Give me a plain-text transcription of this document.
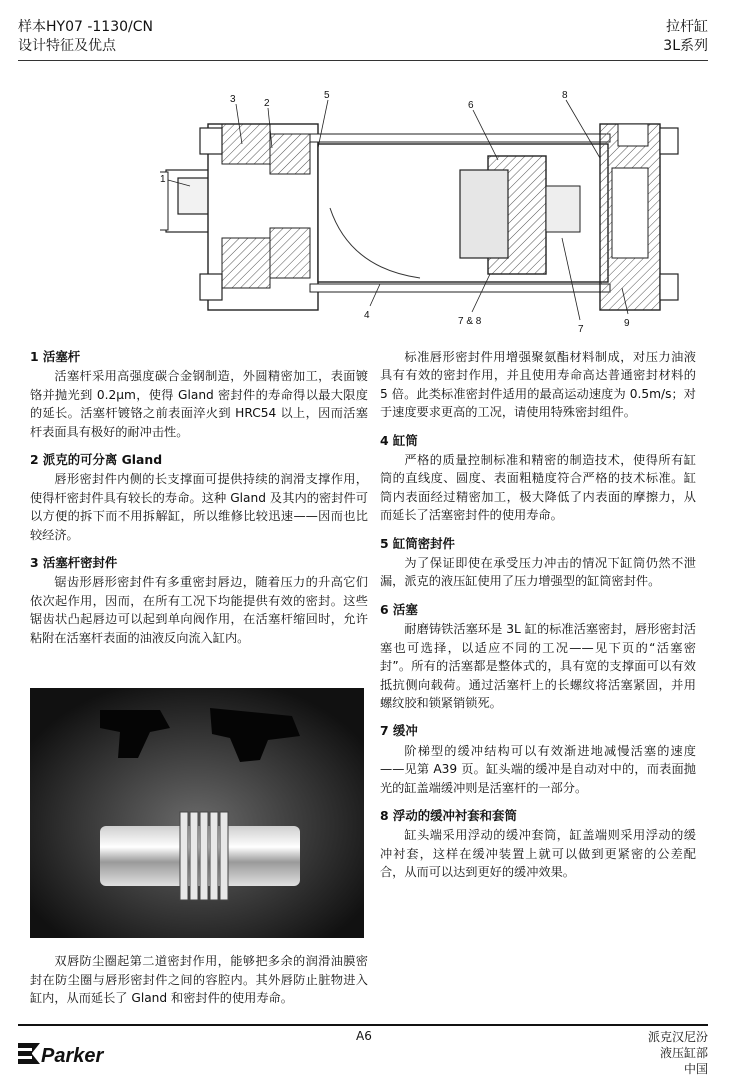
样本HY07 -1130/CN
设计特征及优点
拉杆缸
3L系列
3	2
5
6
8
1
4
7 & 8
7
9
1 活塞杆

活塞杆采用高强度碳合金钢制造，外圆精密加工，表面镀铬并抛光到 0.2μm，使得 Gland 密封件的寿命得以最大限度的延长。活塞杆镀铬之前表面淬火到 HRC54 以上，因而活塞杆表面具有极好的耐冲击性。

2 派克的可分离 Gland

唇形密封件内侧的长支撑面可提供持续的润滑支撑作用，使得杆密封件具有较长的寿命。这种 Gland 及其内的密封件可以方便的拆下而不用拆解缸，所以维修比较迅速——因而也比较经济。

3 活塞杆密封件

锯齿形唇形密封件有多重密封唇边，随着压力的升高它们依次起作用，因而，在所有工况下均能提供有效的密封。这些锯齿状凸起唇边可以起到单向阀作用，在活塞杆缩回时，允许粘附在活塞杆表面的油液反向流入缸内。

双唇防尘圈起第二道密封作用，能够把多余的润滑油膜密封在防尘圈与唇形密封件之间的容腔内。其外唇防止脏物进入缸内，从而延长了 Gland 和密封件的使用寿命。

标准唇形密封件用增强聚氨酯材料制成，对压力油液具有有效的密封作用，并且使用寿命高达普通密封材料的 5 倍。此类标准密封件适用的最高运动速度为 0.5m/s；对于速度要求更高的工况，请使用特殊密封组件。

4 缸筒

严格的质量控制标准和精密的制造技术，使得所有缸筒的直线度、圆度、表面粗糙度符合严格的技术标准。缸筒内表面经过精密加工，极大降低了内表面的摩擦力，从而延长了活塞密封件的使用寿命。

5 缸筒密封件

为了保证即使在承受压力冲击的情况下缸筒仍然不泄漏，派克的液压缸使用了压力增强型的缸筒密封件。

6 活塞

耐磨铸铁活塞环是 3L 缸的标准活塞密封，唇形密封活塞也可选择，以适应不同的工况——见下页的“活塞密封”。所有的活塞都是整体式的，具有宽的支撑面可以有效抵抗侧向载荷。通过活塞杆上的长螺纹将活塞紧固，并用螺纹胶和锁紧销锁死。

7 缓冲

阶梯型的缓冲结构可以有效渐进地减慢活塞的速度——见第 A39 页。缸头端的缓冲是自动对中的，而表面抛光的缸盖端缓冲则是活塞杆的一部分。

8 浮动的缓冲衬套和套筒

缸头端采用浮动的缓冲套筒，缸盖端则采用浮动的缓冲衬套，这样在缓冲装置上就可以做到更紧密的公差配合，从而可以达到更好的缓冲效果。

A6
Parker
派克汉尼汾
液压缸部
中国
